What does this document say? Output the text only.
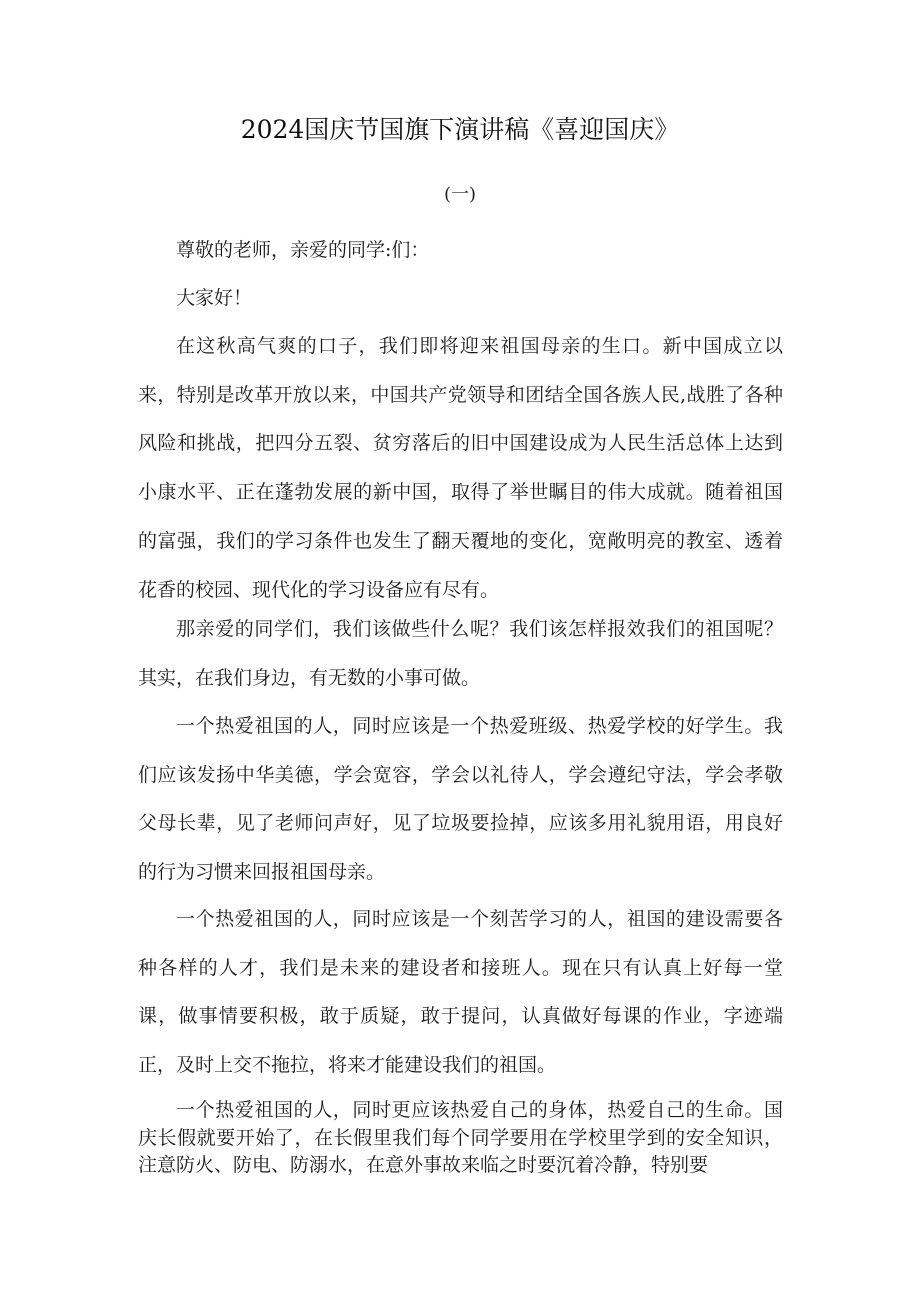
2024国庆节国旗下演讲稿《喜迎国庆》
(一)

尊敬的老师，亲爱的同学:们：

大家好！

在这秋高气爽的口子，我们即将迎来祖国母亲的生口。新中国成立以来，特别是改革开放以来，中国共产党领导和团结全国各族人民,战胜了各种风险和挑战，把四分五裂、贫穷落后的旧中国建设成为人民生活总体上达到小康水平、正在蓬勃发展的新中国，取得了举世瞩目的伟大成就。随着祖国的富强，我们的学习条件也发生了翻天覆地的变化，宽敞明亮的教室、透着花香的校园、现代化的学习设备应有尽有。

那亲爱的同学们，我们该做些什么呢？我们该怎样报效我们的祖国呢？其实，在我们身边，有无数的小事可做。

一个热爱祖国的人，同时应该是一个热爱班级、热爱学校的好学生。我们应该发扬中华美德，学会宽容，学会以礼待人，学会遵纪守法，学会孝敬父母长辈，见了老师问声好，见了垃圾要捡掉，应该多用礼貌用语，用良好的行为习惯来回报祖国母亲。

一个热爱祖国的人，同时应该是一个刻苦学习的人，祖国的建设需要各种各样的人才，我们是未来的建设者和接班人。现在只有认真上好每一堂课，做事情要积极，敢于质疑，敢于提问，认真做好每课的作业，字迹端正，及时上交不拖拉，将来才能建设我们的祖国。

一个热爱祖国的人，同时更应该热爱自己的身体，热爱自己的生命。国庆长假就要开始了，在长假里我们每个同学要用在学校里学到的安全知识，注意防火、防电、防溺水，在意外事故来临之时要沉着冷静，特别要
